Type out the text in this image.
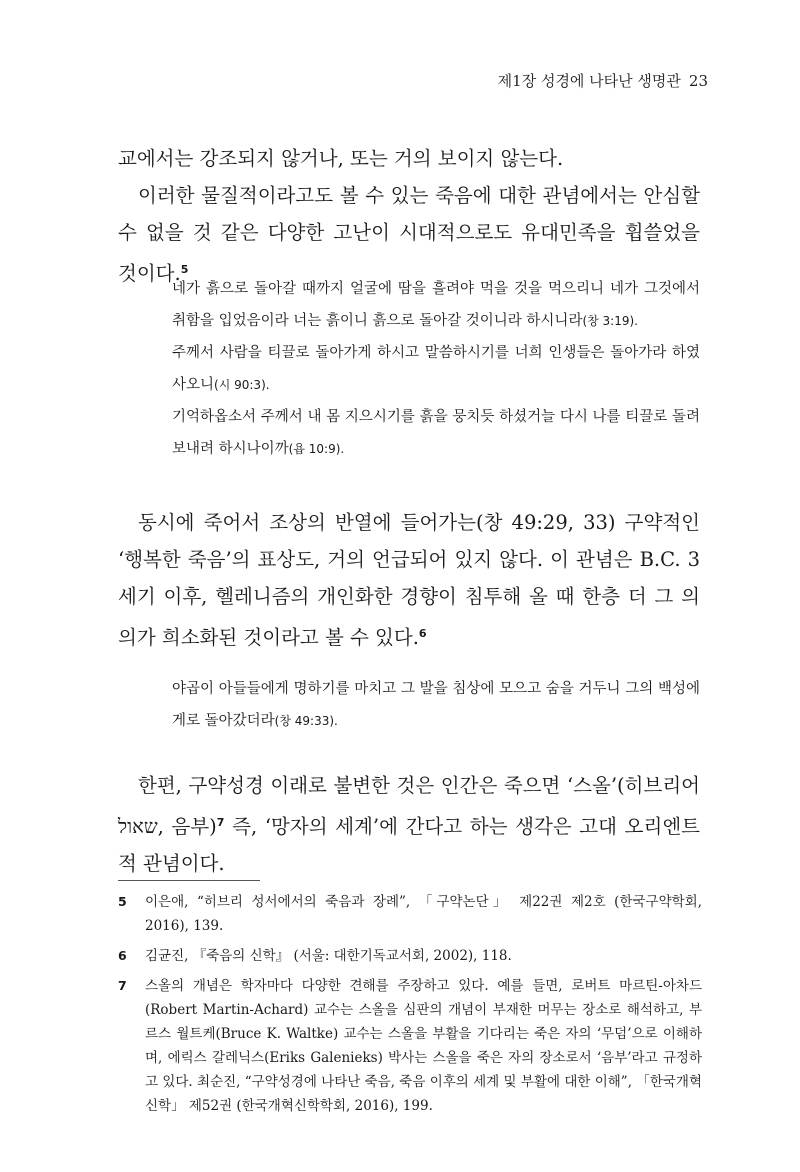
제1장 성경에 나타난 생명관 23

교에서는 강조되지 않거나, 또는 거의 보이지 않는다.

이러한 물질적이라고도 볼 수 있는 죽음에 대한 관념에서는 안심할 수 없을 것 같은 다양한 고난이 시대적으로도 유대민족을 휩쓸었을 것이다.$^5$

네가 흙으로 돌아갈 때까지 얼굴에 땀을 흘려야 먹을 것을 먹으리니 네가 그것에서 취함을 입었음이라 너는 흙이니 흙으로 돌아갈 것이니라 하시니라(창 3:19).

주께서 사람을 티끌로 돌아가게 하시고 말씀하시기를 너희 인생들은 돌아가라 하였사오니(시 90:3).

기억하옵소서 주께서 내 몸 지으시기를 흙을 뭉치듯 하셨거늘 다시 나를 티끌로 돌려보내려 하시나이까(욥 10:9).

동시에 죽어서 조상의 반열에 들어가는(창 49:29, 33) 구약적인 ‘행복한 죽음’의 표상도, 거의 언급되어 있지 않다. 이 관념은 B.C. 3세기 이후, 헬레니즘의 개인화한 경향이 침투해 올 때 한층 더 그 의의가 희소화된 것이라고 볼 수 있다.$^6$

야곱이 아들들에게 명하기를 마치고 그 발을 침상에 모으고 숨을 거두니 그의 백성에게로 돌아갔더라(창 49:33).

한편, 구약성경 이래로 불변한 것은 인간은 죽으면 ‘스올’(히브리어 שאול, 음부)$^7$ 즉, ‘망자의 세계’에 간다고 하는 생각은 고대 오리엔트적 관념이다.

5	이은애, “히브리 성서에서의 죽음과 장례”, 「구약논단」 제22권 제2호 (한국구약학회, 2016), 139.
6	김균진, 『죽음의 신학』 (서울: 대한기독교서회, 2002), 118.
7	스올의 개념은 학자마다 다양한 견해를 주장하고 있다. 예를 들면, 로버트 마르틴-아차드(Robert Martin-Achard) 교수는 스올을 심판의 개념이 부재한 머무는 장소로 해석하고, 부르스 월트케(Bruce K. Waltke) 교수는 스올을 부활을 기다리는 죽은 자의 ‘무덤’으로 이해하며, 에릭스 갈레닉스(Eriks Galenieks) 박사는 스올을 죽은 자의 장소로서 ‘음부’라고 규정하고 있다. 최순진, “구약성경에 나타난 죽음, 죽음 이후의 세계 및 부활에 대한 이해”, 「한국개혁신학」 제52권 (한국개혁신학학회, 2016), 199.
